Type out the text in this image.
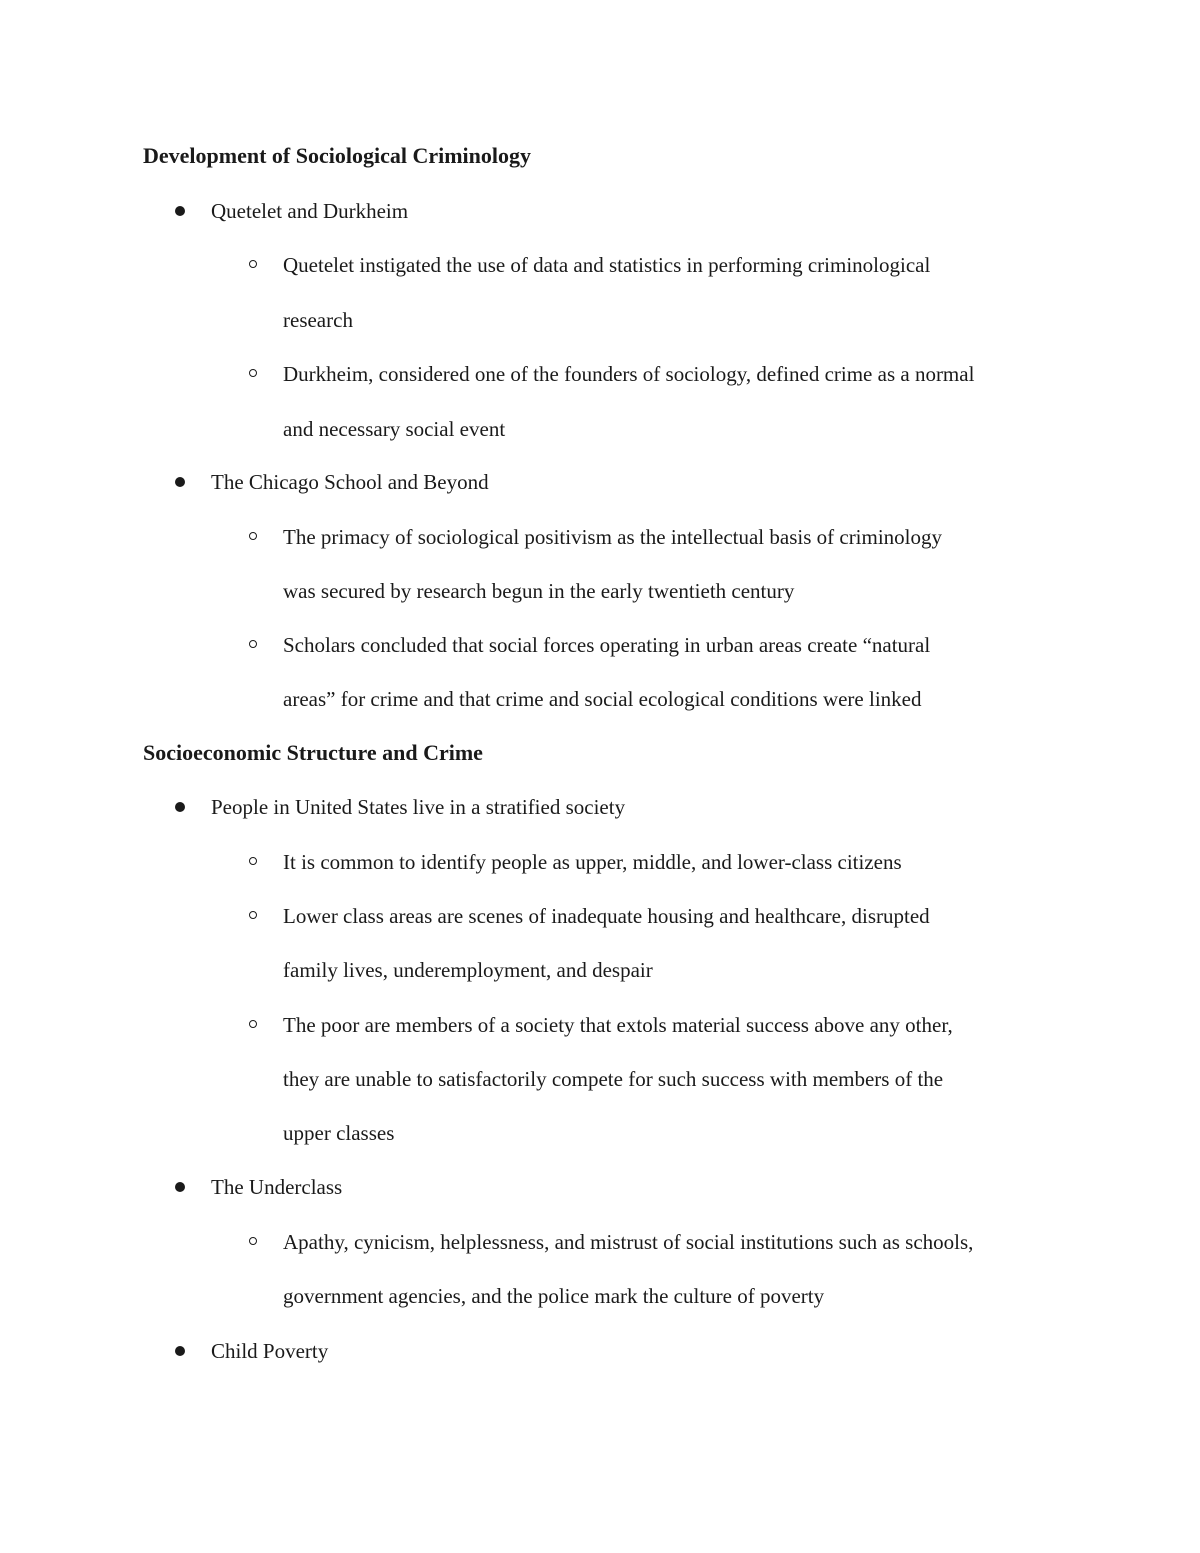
Development of Sociological Criminology
Quetelet and Durkheim
Quetelet instigated the use of data and statistics in performing criminological
research
Durkheim, considered one of the founders of sociology, defined crime as a normal
and necessary social event
The Chicago School and Beyond
The primacy of sociological positivism as the intellectual basis of criminology
was secured by research begun in the early twentieth century
Scholars concluded that social forces operating in urban areas create “natural
areas” for crime and that crime and social ecological conditions were linked
Socioeconomic Structure and Crime
People in United States live in a stratified society
It is common to identify people as upper, middle, and lower-class citizens
Lower class areas are scenes of inadequate housing and healthcare, disrupted
family lives, underemployment, and despair
The poor are members of a society that extols material success above any other,
they are unable to satisfactorily compete for such success with members of the
upper classes
The Underclass
Apathy, cynicism, helplessness, and mistrust of social institutions such as schools,
government agencies, and the police mark the culture of poverty
Child Poverty
